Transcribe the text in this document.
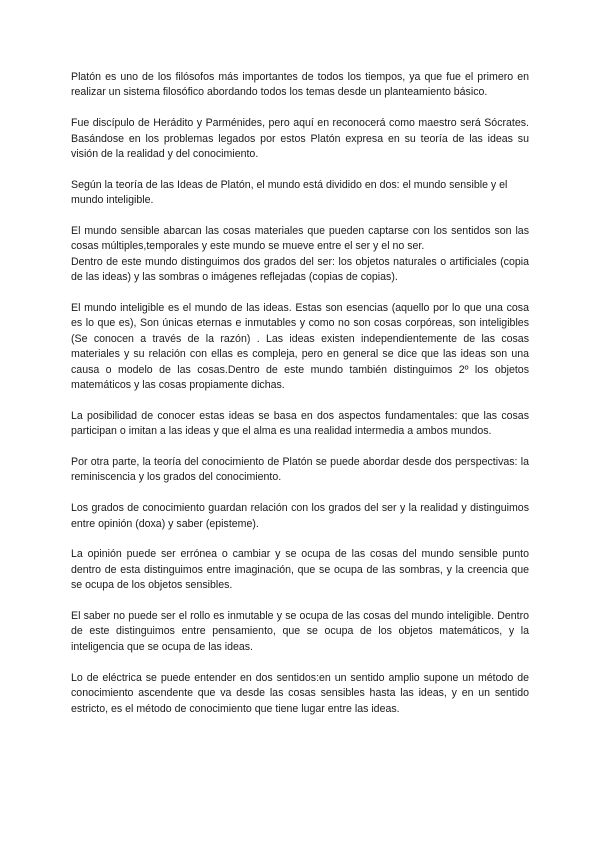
Platón es uno de los filósofos más importantes de todos los tiempos, ya que fue el primero en realizar un sistema filosófico abordando todos los temas desde un planteamiento básico.

Fue discípulo de Herádito y Parménides, pero aquí en reconocerá como maestro será Sócrates. Basándose en los problemas legados por estos Platón expresa en su teoría de las ideas su visión de la realidad y del conocimiento.

Según la teoría de las Ideas de Platón, el mundo está dividido en dos: el mundo sensible y el mundo inteligible.

El mundo sensible abarcan las cosas materiales que pueden captarse con los sentidos son las cosas múltiples,temporales y este mundo se mueve entre el ser y el no ser.

Dentro de este mundo distinguimos dos grados del ser: los objetos naturales o artificiales (copia de las ideas) y las sombras o imágenes reflejadas (copias de copias).

El mundo inteligible es el mundo de las ideas. Estas son esencias (aquello por lo que una cosa es lo que es), Son únicas eternas e inmutables y como no son cosas corpóreas, son inteligibles (Se conocen a través de la razón) . Las ideas existen independientemente de las cosas materiales y su relación con ellas es compleja, pero en general se dice que las ideas son una causa o modelo de las cosas.Dentro de este mundo también distinguimos 2º los objetos matemáticos y las cosas propiamente dichas.

La posibilidad de conocer estas ideas se basa en dos aspectos fundamentales: que las cosas participan o imitan a las ideas y que el alma es una realidad intermedia a ambos mundos.

Por otra parte, la teoría del conocimiento de Platón se puede abordar desde dos perspectivas: la reminiscencia y los grados del conocimiento.

Los grados de conocimiento guardan relación con los grados del ser y la realidad y distinguimos entre opinión (doxa) y saber (episteme).

La opinión puede ser errónea o cambiar y se ocupa de las cosas del mundo sensible punto dentro de esta distinguimos entre imaginación, que se ocupa de las sombras, y la creencia que se ocupa de los objetos sensibles.

El saber no puede ser el rollo es inmutable y se ocupa de las cosas del mundo inteligible. Dentro de este distinguimos entre pensamiento, que se ocupa de los objetos matemáticos, y la inteligencia que se ocupa de las ideas.

Lo de eléctrica se puede entender en dos sentidos:en un sentido amplio supone un método de conocimiento ascendente que va desde las cosas sensibles hasta las ideas, y en un sentido estricto, es el método de conocimiento que tiene lugar entre las ideas.
